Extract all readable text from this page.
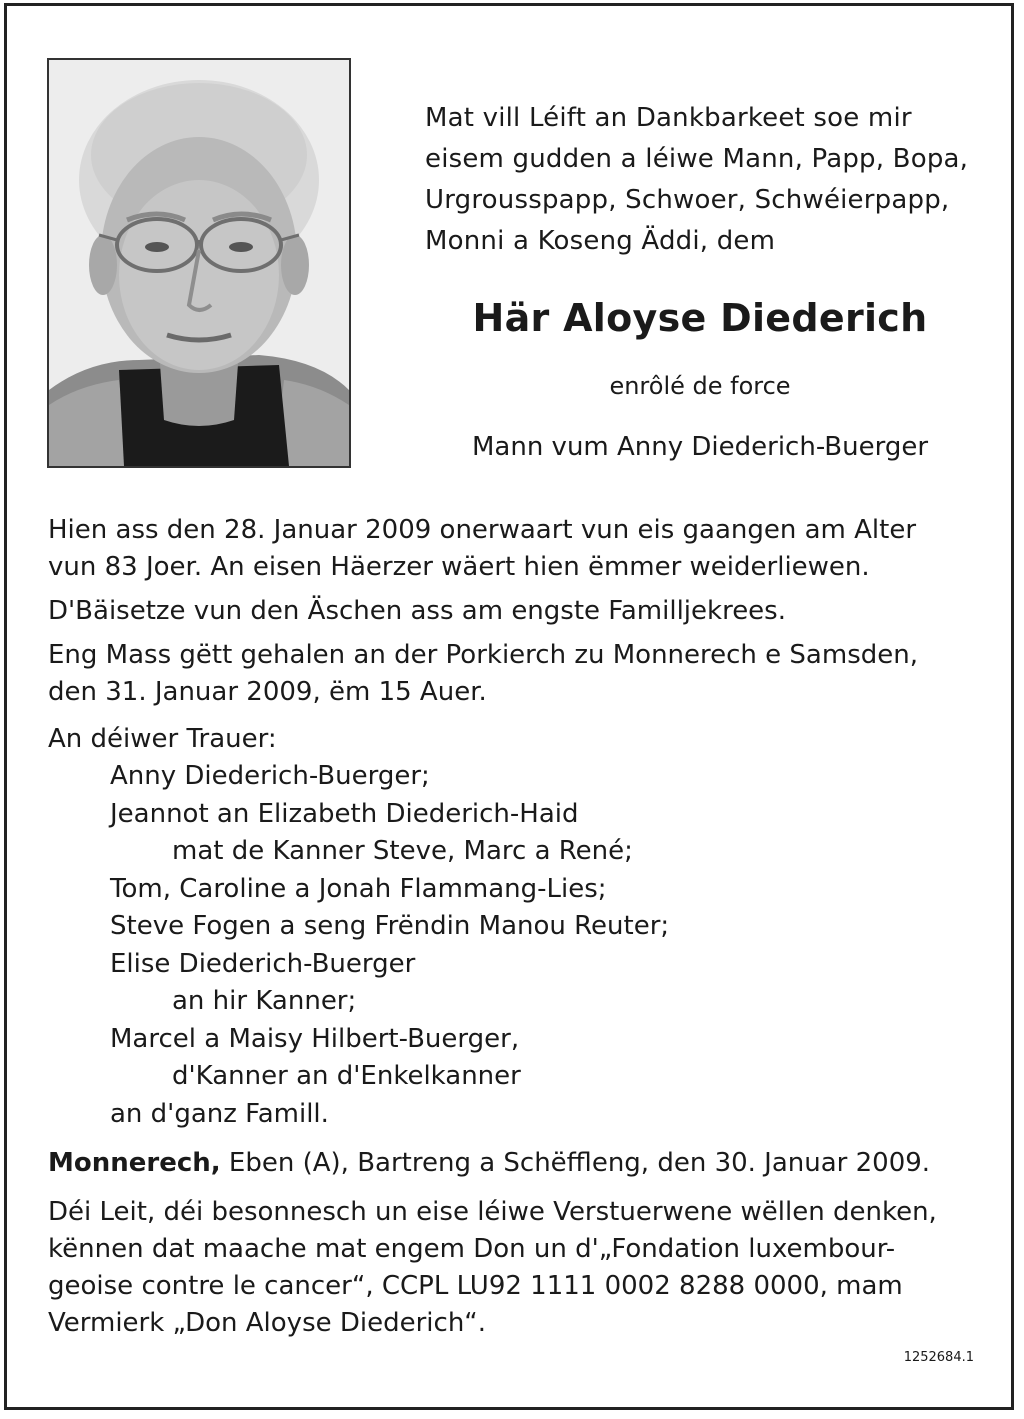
Mat vill Léift an Dankbarkeet soe mir
eisem gudden a léiwe Mann, Papp, Bopa,
Urgrousspapp, Schwoer, Schwéierpapp,
Monni a Koseng Äddi, dem
Här Aloyse Diederich
enrôlé de force
Mann vum Anny Diederich-Buerger
Hien ass den 28. Januar 2009 onerwaart vun eis gaangen am Alter
vun 83 Joer. An eisen Häerzer wäert hien ëmmer weiderliewen.
D'Bäisetze vun den Äschen ass am engste Familljekrees.
Eng Mass gëtt gehalen an der Porkierch zu Monnerech e Samsden,
den 31. Januar 2009, ëm 15 Auer.
An déiwer Trauer:
Anny Diederich-Buerger;
Jeannot an Elizabeth Diederich-Haid
mat de Kanner Steve, Marc a René;
Tom, Caroline a Jonah Flammang-Lies;
Steve Fogen a seng Frëndin Manou Reuter;
Elise Diederich-Buerger
an hir Kanner;
Marcel a Maisy Hilbert-Buerger,
d'Kanner an d'Enkelkanner
an d'ganz Famill.
Monnerech, Eben (A), Bartreng a Schëffleng, den 30. Januar 2009.
Déi Leit, déi besonnesch un eise léiwe Verstuerwene wëllen denken,
kënnen dat maache mat engem Don un d'„Fondation luxembour-
geoise contre le cancer“, CCPL LU92 1111 0002 8288 0000, mam
Vermierk „Don Aloyse Diederich“.
1252684.1
